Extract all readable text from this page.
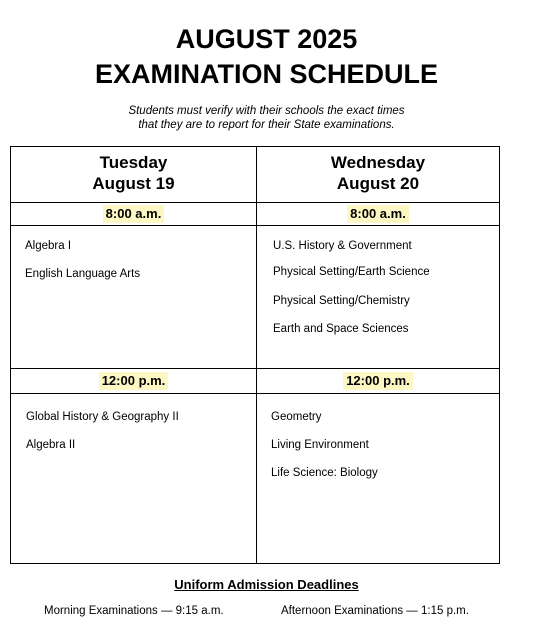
AUGUST 2025
EXAMINATION SCHEDULE
Students must verify with their schools the exact times
that they are to report for their State examinations.
Tuesday
August 19
8:00 a.m.
Algebra I
English Language Arts
12:00 p.m.
Global History & Geography II
Algebra II
Wednesday
August 20
8:00 a.m.
U.S. History & Government
Physical Setting/Earth Science
Physical Setting/Chemistry
Earth and Space Sciences
12:00 p.m.
Geometry
Living Environment
Life Science: Biology
Uniform Admission Deadlines
Morning Examinations — 9:15 a.m.	Afternoon Examinations — 1:15 p.m.
